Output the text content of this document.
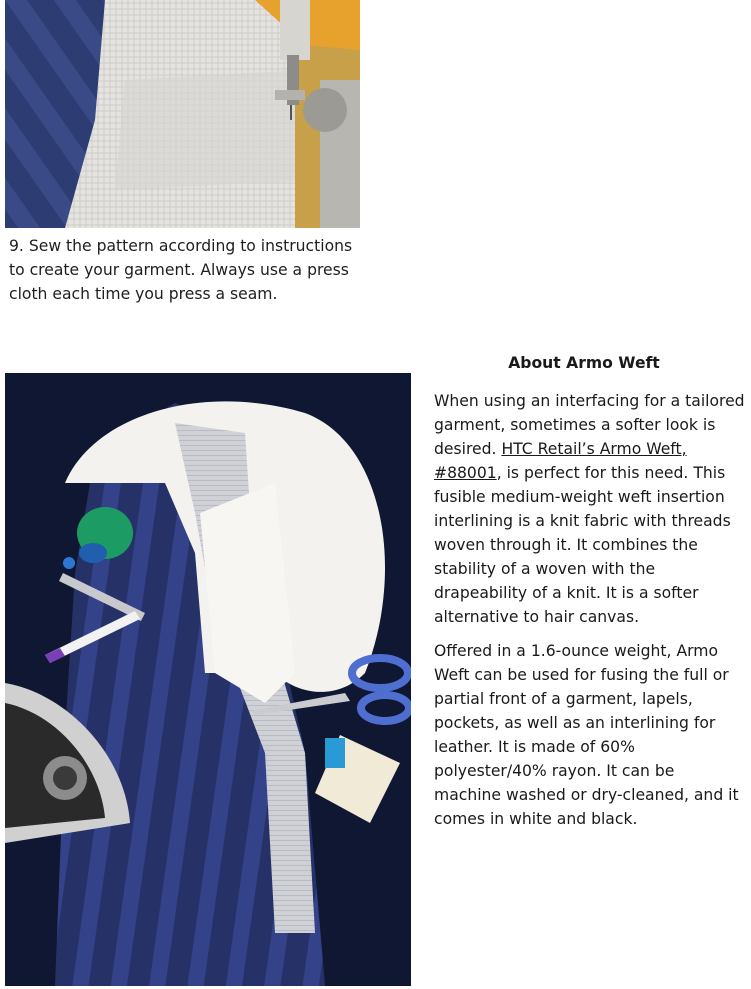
9. Sew the pattern according to instructions to create your garment. Always use a press cloth each time you press a seam.
About Armo Weft

When using an interfacing for a tailored garment, sometimes a softer look is desired. HTC Retail’s Armo Weft, #88001, is perfect for this need. This fusible medium-weight weft insertion interlining is a knit fabric with threads woven through it. It combines the stability of a woven with the drapeability of a knit. It is a softer alternative to hair canvas.

Offered in a 1.6-ounce weight, Armo Weft can be used for fusing the full or partial front of a garment, lapels, pockets, as well as an interlining for leather. It is made of 60% polyester/40% rayon. It can be machine washed or dry-cleaned, and it comes in white and black.
